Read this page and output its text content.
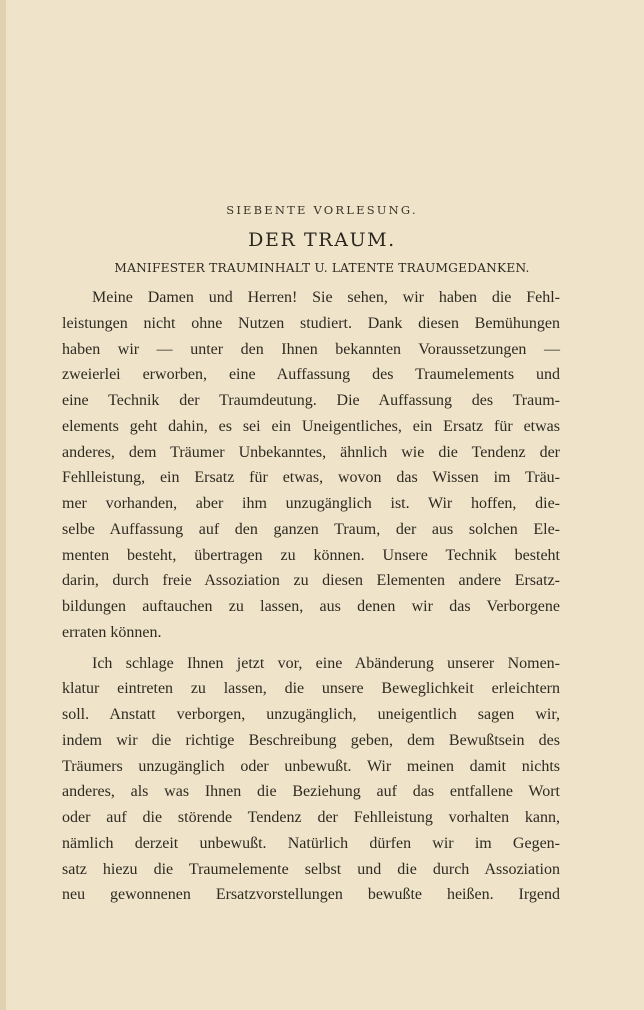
SIEBENTE VORLESUNG.
DER TRAUM.
MANIFESTER TRAUMINHALT U. LATENTE TRAUMGEDANKEN.
Meine Damen und Herren! Sie sehen, wir haben die Fehl-
leistungen nicht ohne Nutzen studiert. Dank diesen Bemühungen
haben wir — unter den Ihnen bekannten Voraussetzungen —
zweierlei erworben, eine Auffassung des Traumelements und
eine Technik der Traumdeutung. Die Auffassung des Traum-
elements geht dahin, es sei ein Uneigentliches, ein Ersatz für etwas
anderes, dem Träumer Unbekanntes, ähnlich wie die Tendenz der
Fehlleistung, ein Ersatz für etwas, wovon das Wissen im Träu-
mer vorhanden, aber ihm unzugänglich ist. Wir hoffen, die-
selbe Auffassung auf den ganzen Traum, der aus solchen Ele-
menten besteht, übertragen zu können. Unsere Technik besteht
darin, durch freie Assoziation zu diesen Elementen andere Ersatz-
bildungen auftauchen zu lassen, aus denen wir das Verborgene
erraten können.
Ich schlage Ihnen jetzt vor, eine Abänderung unserer Nomen-
klatur eintreten zu lassen, die unsere Beweglichkeit erleichtern
soll. Anstatt verborgen, unzugänglich, uneigentlich sagen wir,
indem wir die richtige Beschreibung geben, dem Bewußtsein des
Träumers unzugänglich oder unbewußt. Wir meinen damit nichts
anderes, als was Ihnen die Beziehung auf das entfallene Wort
oder auf die störende Tendenz der Fehlleistung vorhalten kann,
nämlich derzeit unbewußt. Natürlich dürfen wir im Gegen-
satz hiezu die Traumelemente selbst und die durch Assoziation
neu gewonnenen Ersatzvorstellungen bewußte heißen. Irgend
